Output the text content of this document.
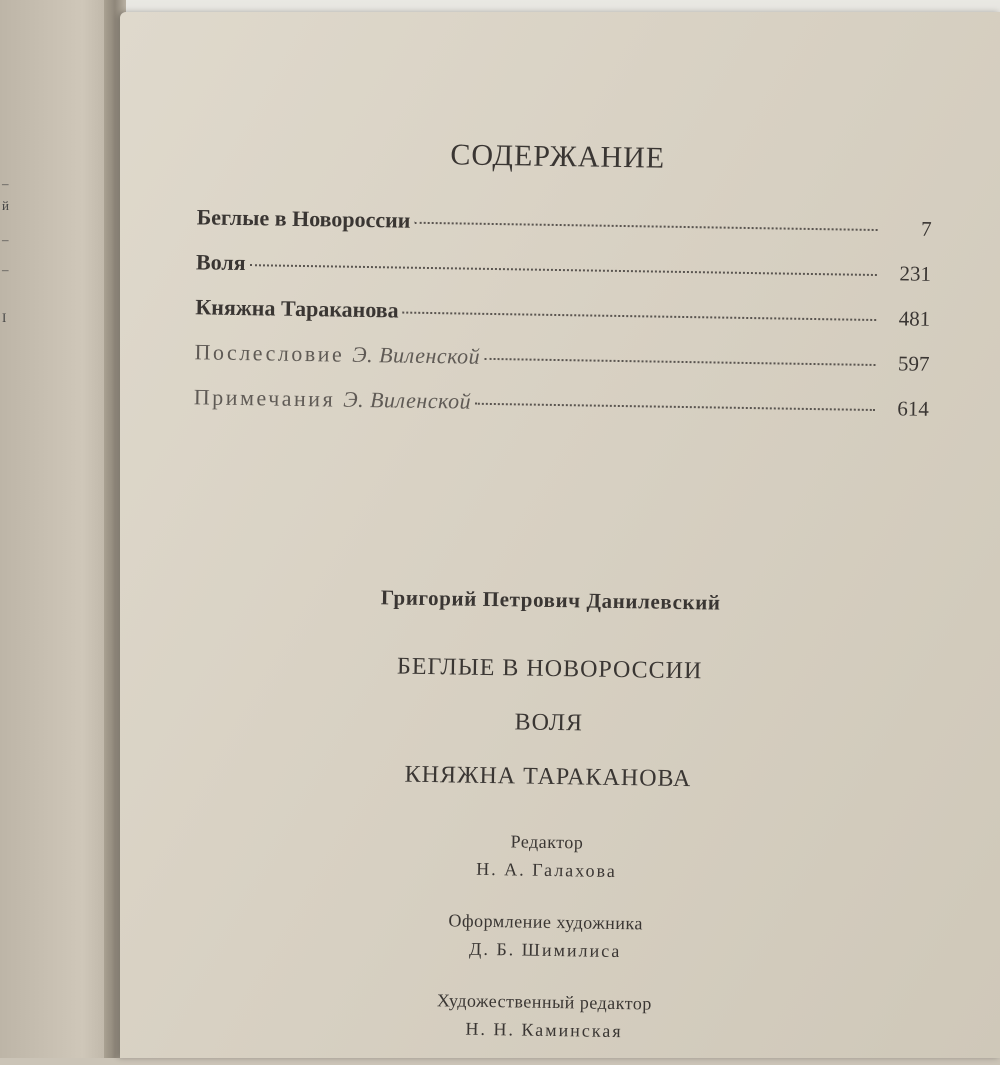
–
й
–
–
I
СОДЕРЖАНИЕ
Беглые в Новороссии	7
Воля	231
Княжна Тараканова	481
Послесловие Э. Виленской	597
Примечания Э. Виленской	614
Григорий Петрович Данилевский
БЕГЛЫЕ В НОВОРОССИИ
ВОЛЯ
КНЯЖНА ТАРАКАНОВА
Редактор
Н. А. Галахова
Оформление художника
Д. Б. Шимилиса
Художественный редактор
Н. Н. Каминская
